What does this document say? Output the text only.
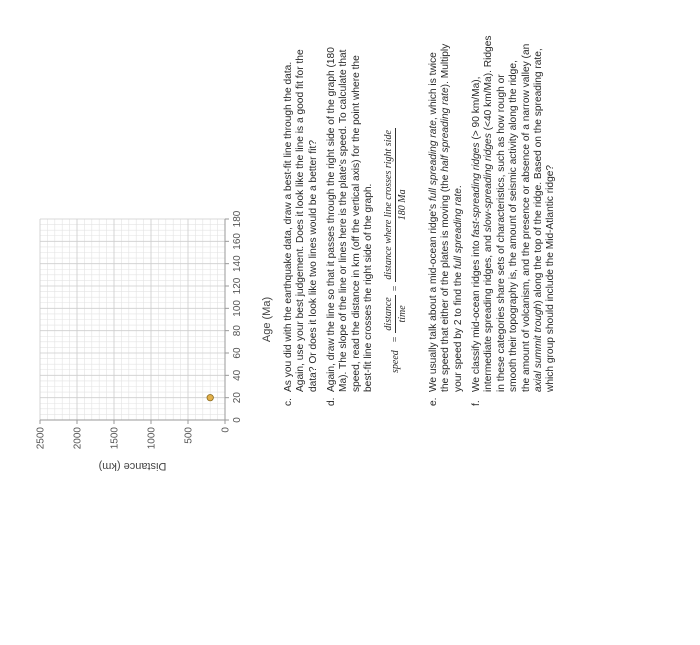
0
20
40
60
80
100
120
140
160
180
0
500
1000
1500
2000
2500
Age (Ma)
Distance (km)
c.

As you did with the earthquake data, draw a best-fit line through the data. Again, use your best judgement. Does it look like the line is a good fit for the data? Or does it look like two lines would be a better fit?

d.

Again, draw the line so that it passes through the right side of the graph (180 Ma). The slope of the line or lines here is the plate's speed. To calculate that speed, read the distance in km (off the vertical axis) for the point where the best-fit line crosses the right side of the graph.	speed=
distance time
=
distance where line crosses right side 180 Ma
e.

We usually talk about a mid-ocean ridge's full spreading rate, which is twice

the speed that either of the plates is moving (the half spreading rate). Multiply

your speed by 2 to find the full spreading rate.

f.

We classify mid-ocean ridges into fast-spreading ridges (> 90 km/Ma),

intermediate spreading ridges, and slow-spreading ridges (<40 km/Ma). Ridges in these categories share sets of characteristics, such as how rough or smooth their topography is, the amount of seismic activity along the ridge, the amount of volcanism, and the presence or absence of a narrow valley (an axial summit trough) along the top of the ridge. Based on the spreading rate, which group should include the Mid-Atlantic ridge?
